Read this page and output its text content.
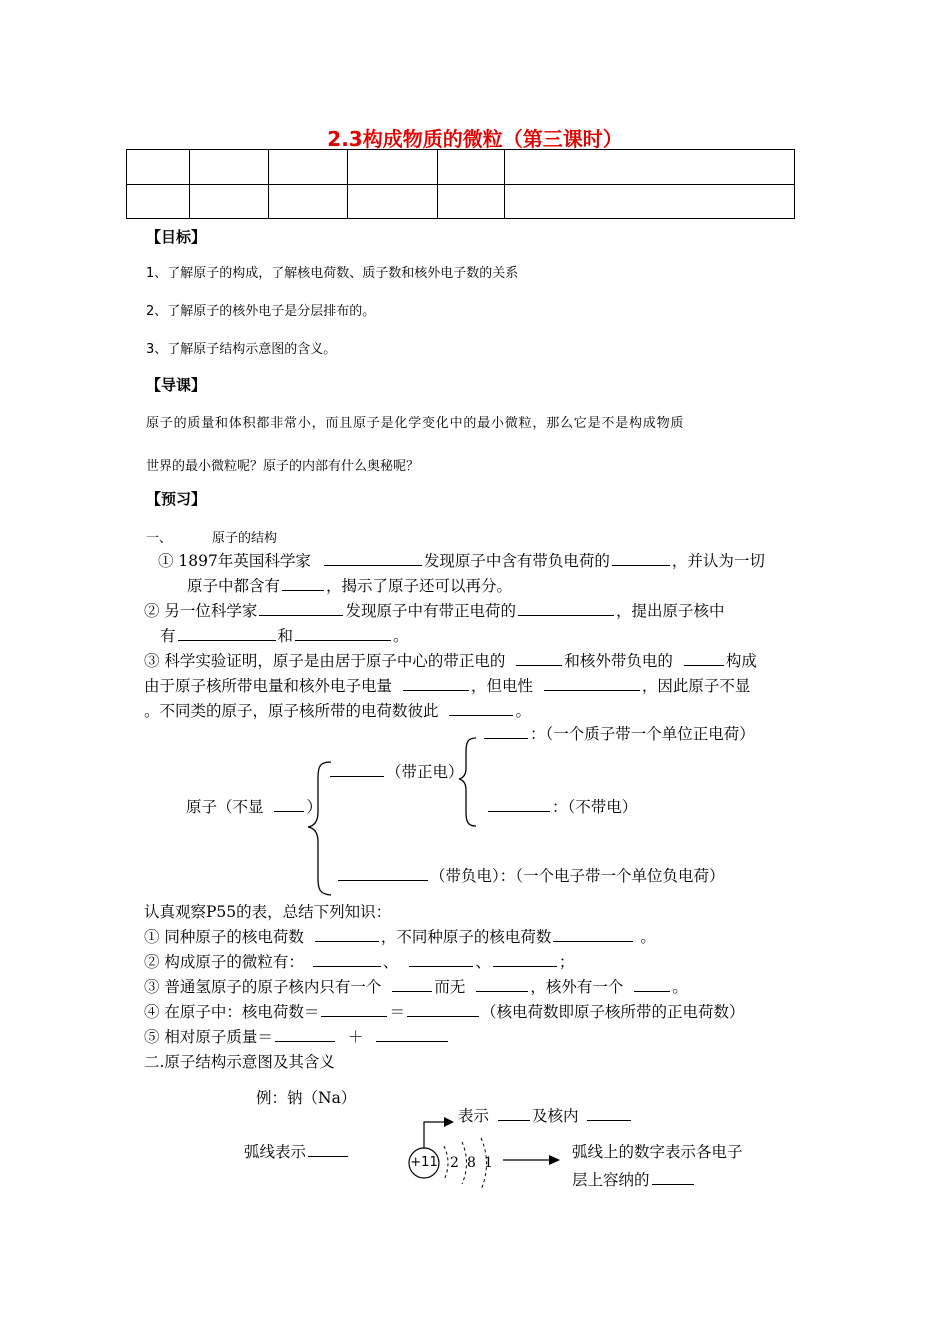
2.3构成物质的微粒（第三课时）

【目标】
1、了解原子的构成，了解核电荷数、质子数和核外电子数的关系
2、了解原子的核外电子是分层排布的。
3、了解原子结构示意图的含义。
【导课】
原子的质量和体积都非常小，而且原子是化学变化中的最小微粒，那么它是不是构成物质
世界的最小微粒呢？原子的内部有什么奥秘呢？
【预习】
一、	原子的结构
① 1897年英国科学家	发现原子中含有带负电荷的	，并认为一切
原子中都含有	，揭示了原子还可以再分。
② 另一位科学家	发现原子中有带正电荷的	，提出原子核中
有	和	。
③ 科学实验证明，原子是由居于原子中心的带正电的	和核外带负电的	构成
由于原子核所带电量和核外电子电量	，但电性	，因此原子不显
。不同类的原子，原子核所带的电荷数彼此	。
：（一个质子带一个单位正电荷）
（带正电）
原子（不显	）	：（不带电）
（带负电）：（一个电子带一个单位负电荷）
认真观察P55的表，总结下列知识：
① 同种原子的核电荷数	，不同种原子的核电荷数	。
② 构成原子的微粒有：	、	、	；
③ 普通氢原子的原子核内只有一个	而无	，核外有一个	。
④ 在原子中：核电荷数＝	＝	（核电荷数即原子核所带的正电荷数）
⑤ 相对原子质量＝	＋
二.原子结构示意图及其含义
例：钠（Na）
表示	及核内
弧线表示
+11 2 8 1
弧线上的数字表示各电子
层上容纳的
